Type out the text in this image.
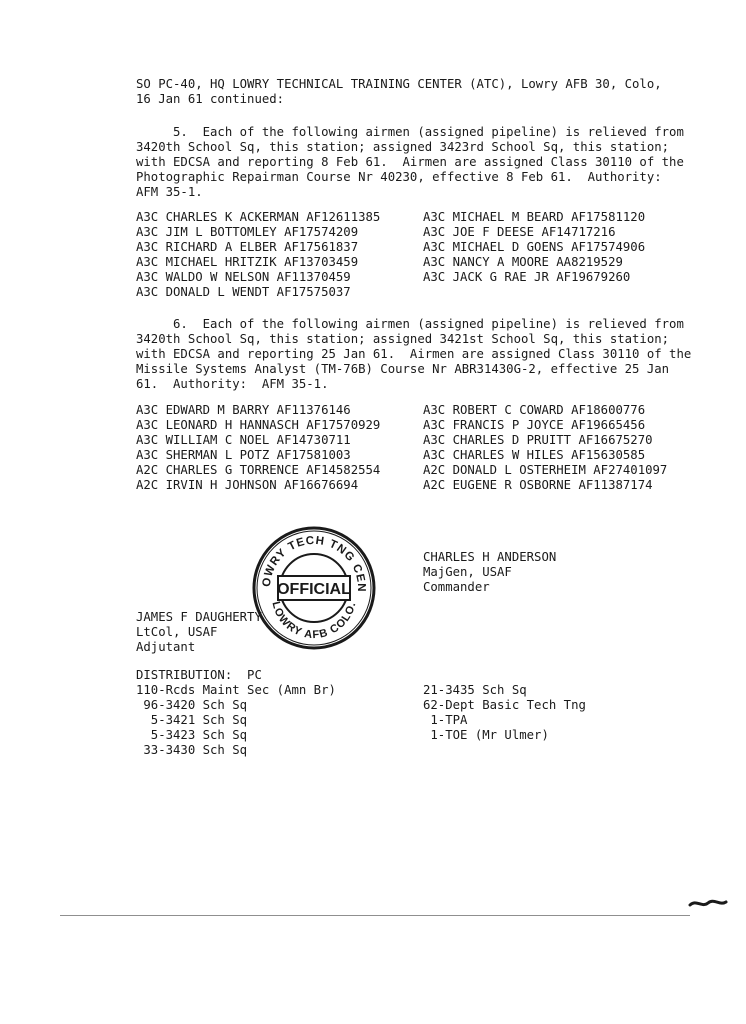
SO PC-40, HQ LOWRY TECHNICAL TRAINING CENTER (ATC), Lowry AFB 30, Colo,
16 Jan 61 continued:
5.  Each of the following airmen (assigned pipeline) is relieved from
3420th School Sq, this station; assigned 3423rd School Sq, this station;
with EDCSA and reporting 8 Feb 61.  Airmen are assigned Class 30110 of the
Photographic Repairman Course Nr 40230, effective 8 Feb 61.  Authority:
AFM 35-1.
A3C CHARLES K ACKERMAN AF12611385
A3C JIM L BOTTOMLEY AF17574209
A3C RICHARD A ELBER AF17561837
A3C MICHAEL HRITZIK AF13703459
A3C WALDO W NELSON AF11370459
A3C DONALD L WENDT AF17575037
A3C MICHAEL M BEARD AF17581120
A3C JOE F DEESE AF14717216
A3C MICHAEL D GOENS AF17574906
A3C NANCY A MOORE AA8219529
A3C JACK G RAE JR AF19679260
6.  Each of the following airmen (assigned pipeline) is relieved from
3420th School Sq, this station; assigned 3421st School Sq, this station;
with EDCSA and reporting 25 Jan 61.  Airmen are assigned Class 30110 of the
Missile Systems Analyst (TM-76B) Course Nr ABR31430G-2, effective 25 Jan
61.  Authority:  AFM 35-1.
A3C EDWARD M BARRY AF11376146
A3C LEONARD H HANNASCH AF17570929
A3C WILLIAM C NOEL AF14730711
A3C SHERMAN L POTZ AF17581003
A2C CHARLES G TORRENCE AF14582554
A2C IRVIN H JOHNSON AF16676694
A3C ROBERT C COWARD AF18600776
A3C FRANCIS P JOYCE AF19665456
A3C CHARLES D PRUITT AF16675270
A3C CHARLES W HILES AF15630585
A2C DONALD L OSTERHEIM AF27401097
A2C EUGENE R OSBORNE AF11387174
OWRY TECH TNG CEN
LOWRY AFB COLO.
OFFICIAL
CHARLES H ANDERSON
MajGen, USAF
Commander
JAMES F DAUGHERTY
LtCol, USAF
Adjutant
DISTRIBUTION:  PC
110-Rcds Maint Sec (Amn Br)
96-3420 Sch Sq
5-3421 Sch Sq
5-3423 Sch Sq
33-3430 Sch Sq
21-3435 Sch Sq
62-Dept Basic Tech Tng
1-TPA
1-TOE (Mr Ulmer)
